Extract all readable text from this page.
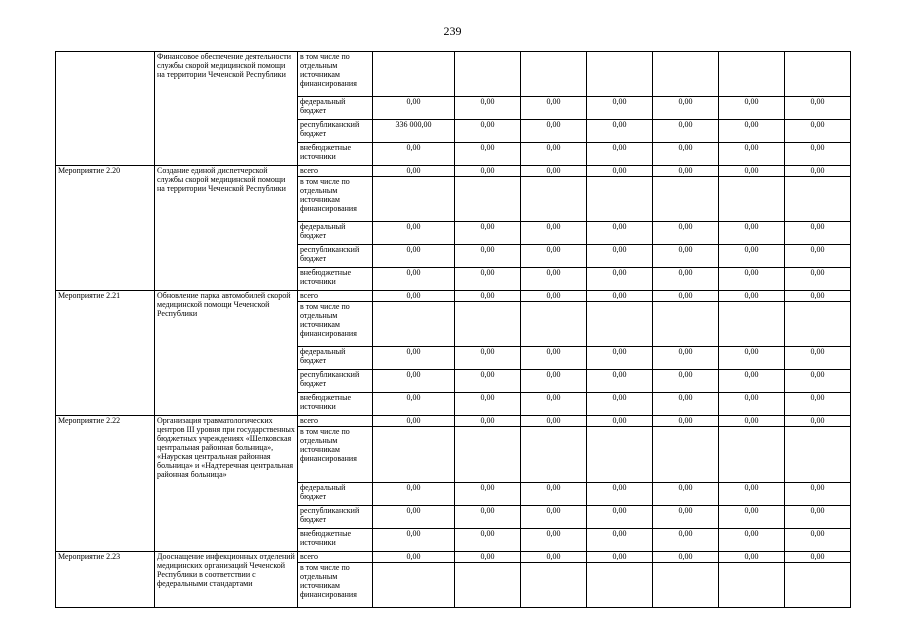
239
	Финансовое обеспечение деятельности службы скорой медицинской помощи на территории Чеченской Республики	в том числе по отдельным источникам финансирования							
		федеральный бюджет	0,00	0,00	0,00	0,00	0,00	0,00	0,00
		республиканский бюджет	336 000,00	0,00	0,00	0,00	0,00	0,00	0,00
		внебюджетные источники	0,00	0,00	0,00	0,00	0,00	0,00	0,00
Мероприятие 2.20	Создание единой диспетчерской службы скорой медицинской помощи на территории Чеченской Республики	всего	0,00	0,00	0,00	0,00	0,00	0,00	0,00
		в том числе по отдельным источникам финансирования							
		федеральный бюджет	0,00	0,00	0,00	0,00	0,00	0,00	0,00
		республиканский бюджет	0,00	0,00	0,00	0,00	0,00	0,00	0,00
		внебюджетные источники	0,00	0,00	0,00	0,00	0,00	0,00	0,00
Мероприятие 2.21	Обновление парка автомобилей скорой медицинской помощи Чеченской Республики	всего	0,00	0,00	0,00	0,00	0,00	0,00	0,00
		в том числе по отдельным источникам финансирования							
		федеральный бюджет	0,00	0,00	0,00	0,00	0,00	0,00	0,00
		республиканский бюджет	0,00	0,00	0,00	0,00	0,00	0,00	0,00
		внебюджетные источники	0,00	0,00	0,00	0,00	0,00	0,00	0,00
Мероприятие 2.22	Организация травматологических центров III уровня при государственных бюджетных учреждениях «Шелковская центральная районная больница», «Наурская центральная районная больница» и «Надтеречная центральная районная больница»	всего	0,00	0,00	0,00	0,00	0,00	0,00	0,00
		в том числе по отдельным источникам финансирования							
		федеральный бюджет	0,00	0,00	0,00	0,00	0,00	0,00	0,00
		республиканский бюджет	0,00	0,00	0,00	0,00	0,00	0,00	0,00
		внебюджетные источники	0,00	0,00	0,00	0,00	0,00	0,00	0,00
Мероприятие 2.23	Дооснащение инфекционных отделений медицинских организаций Чеченской Республики в соответствии с федеральными стандартами	всего	0,00	0,00	0,00	0,00	0,00	0,00	0,00
		в том числе по отдельным источникам финансирования							
